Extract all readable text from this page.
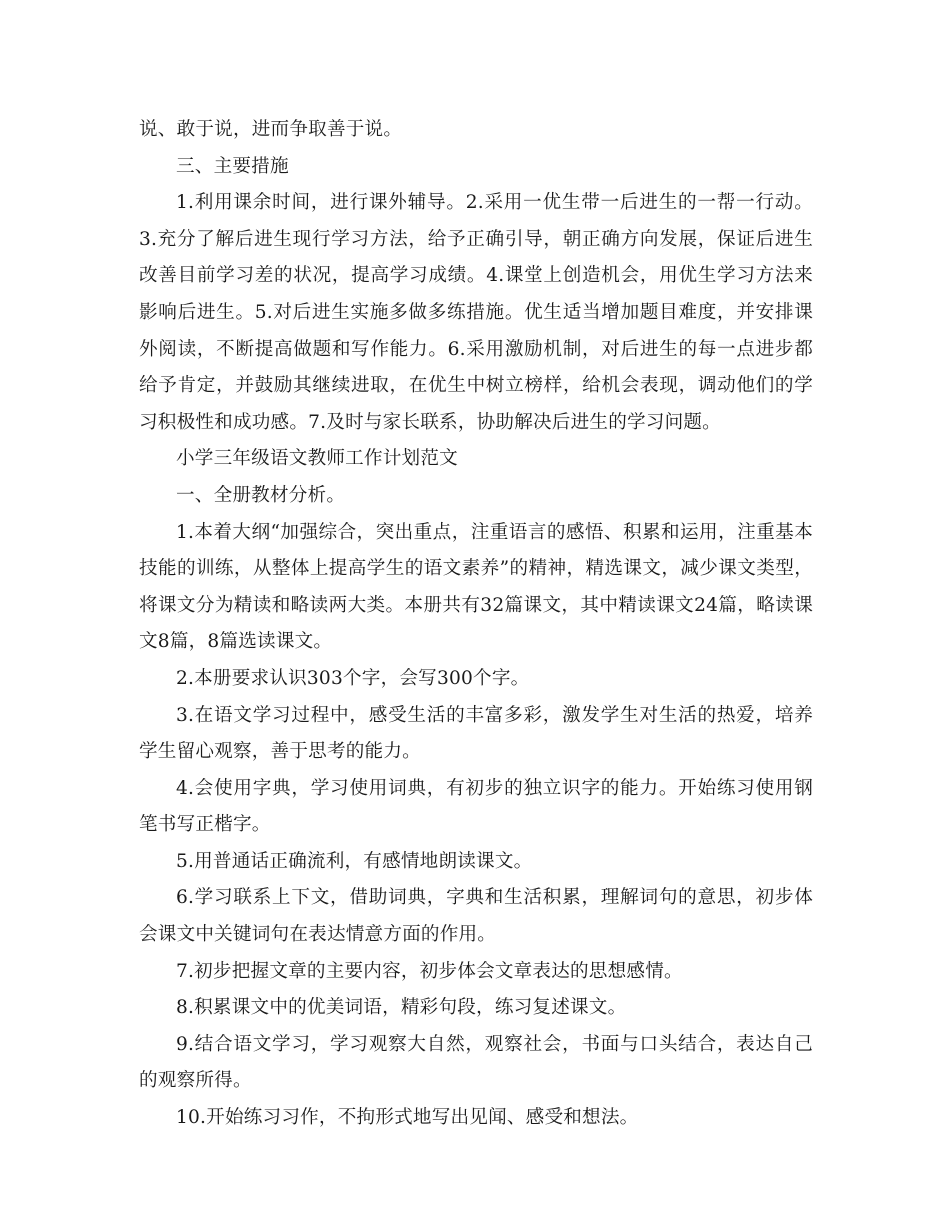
说、敢于说，进而争取善于说。

三、主要措施

1.利用课余时间，进行课外辅导。2.采用一优生带一后进生的一帮一行动。3.充分了解后进生现行学习方法，给予正确引导，朝正确方向发展，保证后进生改善目前学习差的状况，提高学习成绩。4.课堂上创造机会，用优生学习方法来影响后进生。5.对后进生实施多做多练措施。优生适当增加题目难度，并安排课外阅读，不断提高做题和写作能力。6.采用激励机制，对后进生的每一点进步都给予肯定，并鼓励其继续进取，在优生中树立榜样，给机会表现，调动他们的学习积极性和成功感。7.及时与家长联系，协助解决后进生的学习问题。

小学三年级语文教师工作计划范文

一、全册教材分析。

1.本着大纲“加强综合，突出重点，注重语言的感悟、积累和运用，注重基本技能的训练，从整体上提高学生的语文素养”的精神，精选课文，减少课文类型，将课文分为精读和略读两大类。本册共有32篇课文，其中精读课文24篇，略读课文8篇，8篇选读课文。

2.本册要求认识303个字，会写300个字。

3.在语文学习过程中，感受生活的丰富多彩，激发学生对生活的热爱，培养学生留心观察，善于思考的能力。

4.会使用字典，学习使用词典，有初步的独立识字的能力。开始练习使用钢笔书写正楷字。

5.用普通话正确流利，有感情地朗读课文。

6.学习联系上下文，借助词典，字典和生活积累，理解词句的意思，初步体会课文中关键词句在表达情意方面的作用。

7.初步把握文章的主要内容，初步体会文章表达的思想感情。

8.积累课文中的优美词语，精彩句段，练习复述课文。

9.结合语文学习，学习观察大自然，观察社会，书面与口头结合，表达自己的观察所得。

10.开始练习习作，不拘形式地写出见闻、感受和想法。
